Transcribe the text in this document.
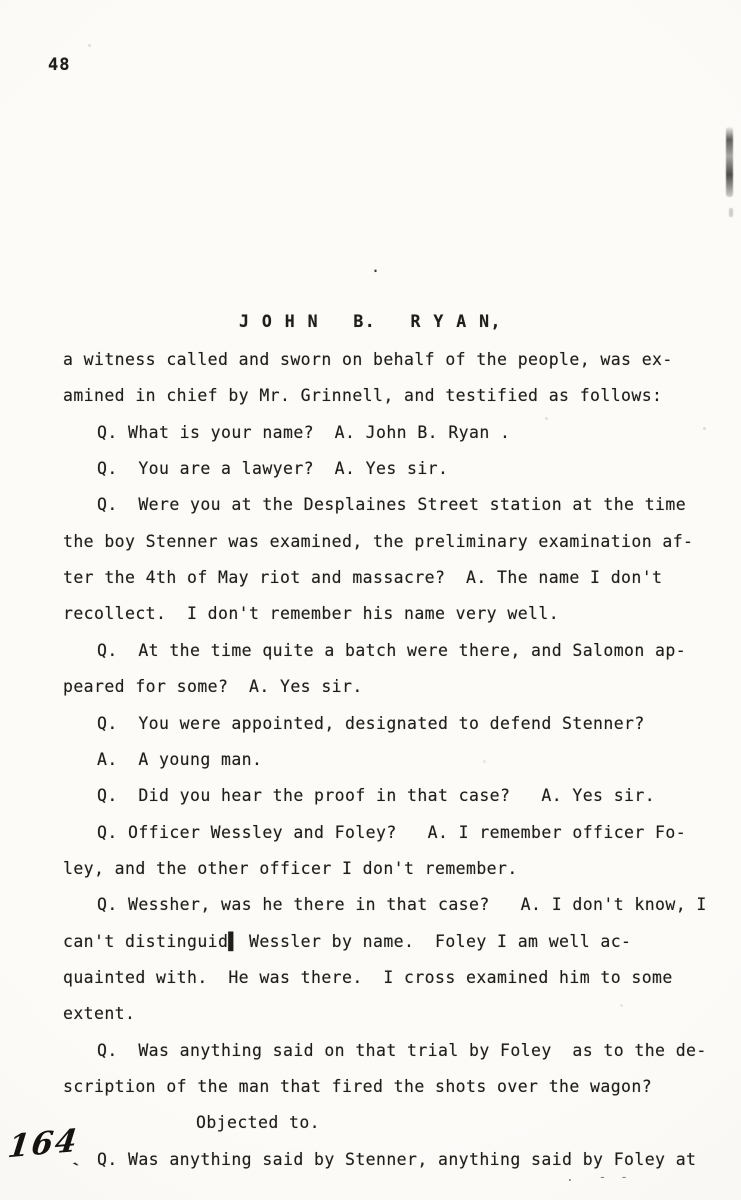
48
·
J O H N   B.   R Y A N,
a witness called and sworn on behalf of the people, was ex-
amined in chief by Mr. Grinnell, and testified as follows:
Q. What is your name?  A. John B. Ryan .
Q.  You are a lawyer?  A. Yes sir.
Q.  Were you at the Desplaines Street station at the time
the boy Stenner was examined, the preliminary examination af-
ter the 4th of May riot and massacre?  A. The name I don't
recollect.  I don't remember his name very well.
Q.  At the time quite a batch were there, and Salomon ap-
peared for some?  A. Yes sir.
Q.  You were appointed, designated to defend Stenner?
A.  A young man.
Q.  Did you hear the proof in that case?   A. Yes sir.
Q. Officer Wessley and Foley?   A. I remember officer Fo-
ley, and the other officer I don't remember.
Q. Wessher, was he there in that case?   A. I don't know, I
can't distinguid▌ Wessler by name.  Foley I am well ac-
quainted with.  He was there.  I cross examined him to some
extent.
Q.  Was anything said on that trial by Foley  as to the de-
scription of the man that fired the shots over the wagon?
Objected to.
Q. Was anything said by Stenner, anything said by Foley at
164
`	.  - -
